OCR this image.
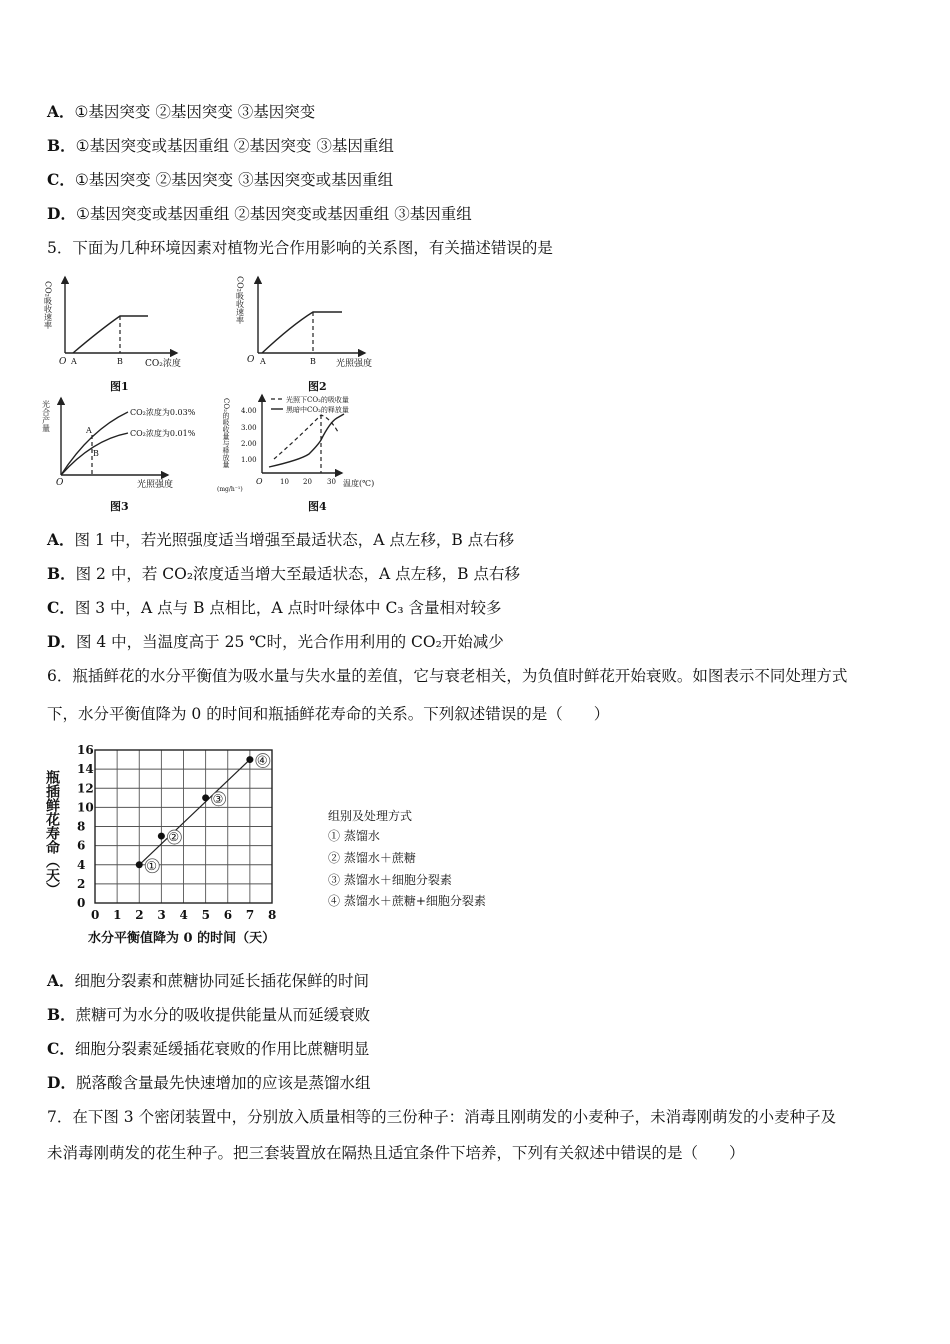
A．①基因突变 ②基因突变 ③基因突变
B．①基因突变或基因重组 ②基因突变 ③基因重组
C．①基因突变 ②基因突变 ③基因突变或基因重组
D．①基因突变或基因重组 ②基因突变或基因重组 ③基因重组
5．下面为几种环境因素对植物光合作用影响的关系图，有关描述错误的是
CO₂吸收速率
O A	B CO₂浓度
图1
CO₂吸收速率
O A	B 光照强度
图2
光合产量
O
A
B
CO₂浓度为0.03%
CO₂浓度为0.01%
光照强度
图3
CO₂的吸收量与释放量
(mg/h⁻¹)
4.00
3.00
2.00
1.00
O 10 20 30 温度(℃)
光照下CO₂的吸收量
黑暗中CO₂的释放量
图4
A．图 1 中，若光照强度适当增强至最适状态，A 点左移，B 点右移
B．图 2 中，若 CO₂浓度适当增大至最适状态，A 点左移，B 点右移
C．图 3 中，A 点与 B 点相比，A 点时叶绿体中 C₃ 含量相对较多
D．图 4 中，当温度高于 25 ℃时，光合作用利用的 CO₂开始减少
6．瓶插鲜花的水分平衡值为吸水量与失水量的差值，它与衰老相关，为负值时鲜花开始衰败。如图表示不同处理方式
下，水分平衡值降为 0 的时间和瓶插鲜花寿命的关系。下列叙述错误的是（　　）
0 1 2 3 4 5 6 7 8
0
2
4
6
8
10
12
14
16
①
②
③
④
瓶插鲜花寿命（天）
水分平衡值降为 0 的时间（天）
组别及处理方式
① 蒸馏水
② 蒸馏水＋蔗糖
③ 蒸馏水＋细胞分裂素
④ 蒸馏水＋蔗糖+细胞分裂素
A．细胞分裂素和蔗糖协同延长插花保鲜的时间
B．蔗糖可为水分的吸收提供能量从而延缓衰败
C．细胞分裂素延缓插花衰败的作用比蔗糖明显
D．脱落酸含量最先快速增加的应该是蒸馏水组
7．在下图 3 个密闭装置中，分别放入质量相等的三份种子：消毒且刚萌发的小麦种子，未消毒刚萌发的小麦种子及
未消毒刚萌发的花生种子。把三套装置放在隔热且适宜条件下培养，下列有关叙述中错误的是（　　）
